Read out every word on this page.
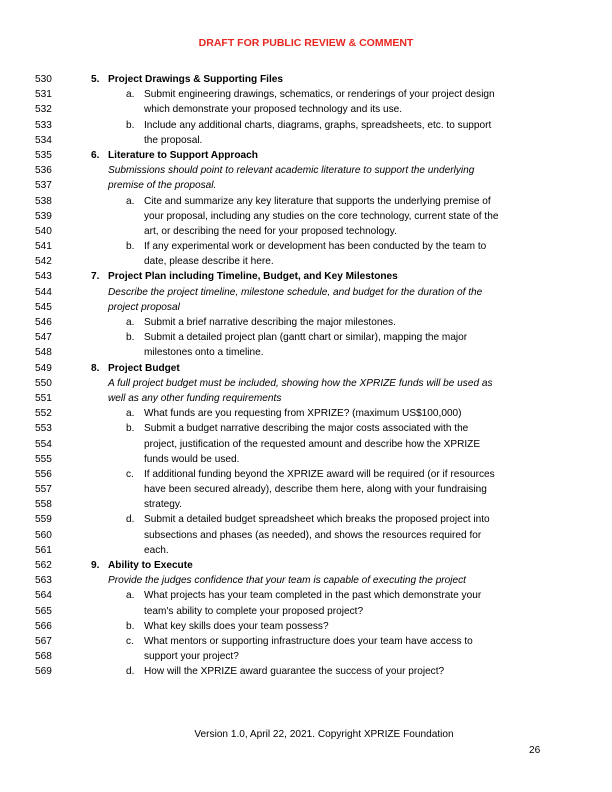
DRAFT FOR PUBLIC REVIEW & COMMENT
530	5. Project Drawings & Supporting Files
531	a. Submit engineering drawings, schematics, or renderings of your project design
532	which demonstrate your proposed technology and its use.
533	b. Include any additional charts, diagrams, graphs, spreadsheets, etc. to support
534	the proposal.
535	6. Literature to Support Approach
536	Submissions should point to relevant academic literature to support the underlying
537	premise of the proposal.
538	a. Cite and summarize any key literature that supports the underlying premise of
539	your proposal, including any studies on the core technology, current state of the
540	art, or describing the need for your proposed technology.
541	b. If any experimental work or development has been conducted by the team to
542	date, please describe it here.
543	7. Project Plan including Timeline, Budget, and Key Milestones
544	Describe the project timeline, milestone schedule, and budget for the duration of the
545	project proposal
546	a. Submit a brief narrative describing the major milestones.
547	b. Submit a detailed project plan (gantt chart or similar), mapping the major
548	milestones onto a timeline.
549	8. Project Budget
550	A full project budget must be included, showing how the XPRIZE funds will be used as
551	well as any other funding requirements
552	a. What funds are you requesting from XPRIZE? (maximum US$100,000)
553	b. Submit a budget narrative describing the major costs associated with the
554	project, justification of the requested amount and describe how the XPRIZE
555	funds would be used.
556	c. If additional funding beyond the XPRIZE award will be required (or if resources
557	have been secured already), describe them here, along with your fundraising
558	strategy.
559	d. Submit a detailed budget spreadsheet which breaks the proposed project into
560	subsections and phases (as needed), and shows the resources required for
561	each.
562	9. Ability to Execute
563	Provide the judges confidence that your team is capable of executing the project
564	a. What projects has your team completed in the past which demonstrate your
565	team's ability to complete your proposed project?
566	b. What key skills does your team possess?
567	c. What mentors or supporting infrastructure does your team have access to
568	support your project?
569	d. How will the XPRIZE award guarantee the success of your project?
Version 1.0, April 22, 2021. Copyright XPRIZE Foundation
26
